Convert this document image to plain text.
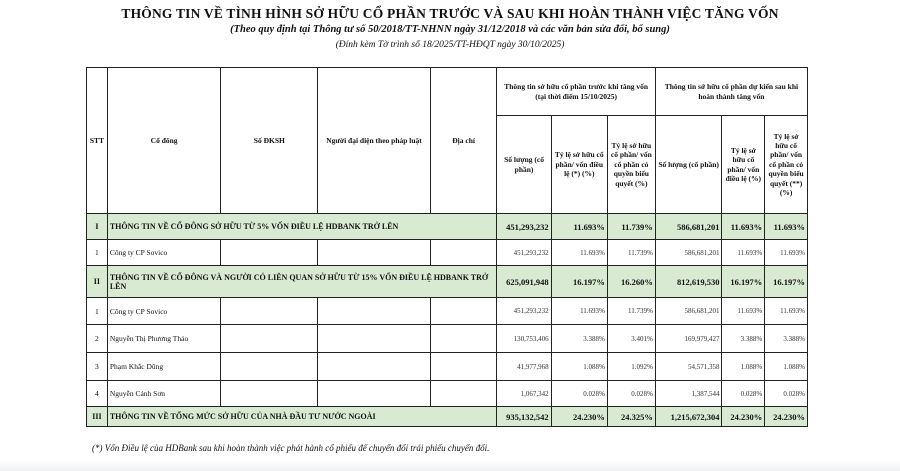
THÔNG TIN VỀ TÌNH HÌNH SỞ HỮU CỔ PHẦN TRƯỚC VÀ SAU KHI HOÀN THÀNH VIỆC TĂNG VỐN
(Theo quy định tại Thông tư số 50/2018/TT-NHNN ngày 31/12/2018 và các văn bản sửa đổi, bổ sung)
(Đính kèm Tờ trình số 18/2025/TT-HĐQT ngày 30/10/2025)
STT	Cổ đông	Số ĐKSH	Người đại diện theo pháp luật	Địa chỉ	Thông tin sở hữu cổ phần trước khi tăng vốn (tại thời điểm 15/10/2025)			Thông tin sở hữu cổ phần dự kiến sau khi hoàn thành tăng vốn		
					Số lượng (cổ phần)	Tỷ lệ sở hữu cổ phần/ vốn điều lệ (*) (%)	Tỷ lệ sở hữu cổ phần/ vốn cổ phần có quyền biểu quyết (%)	Số lượng (cổ phần)	Tỷ lệ sở hữu cổ phần/ vốn điều lệ (%)	Tỷ lệ sở hữu cổ phần/ vốn cổ phần có quyền biểu quyết (**) (%)
I	THÔNG TIN VỀ CỔ ĐÔNG SỞ HỮU TỪ 5% VỐN ĐIỀU LỆ HDBANK TRỞ LÊN				451,293,232	11.693%	11.739%	586,681,201	11.693%	11.693%
1	Công ty CP Sovico				451,293,232	11.693%	11.739%	586,681,201	11.693%	11.693%
II	THÔNG TIN VỀ CỔ ĐÔNG VÀ NGƯỜI CÓ LIÊN QUAN SỞ HỮU TỪ 15% VỐN ĐIỀU LỆ HDBANK TRỞ LÊN				625,091,948	16.197%	16.260%	812,619,530	16.197%	16.197%
1	Công ty CP Sovico				451,293,232	11.693%	11.739%	586,681,201	11.693%	11.693%
2	Nguyễn Thị Phương Thảo				130,753,406	3.388%	3.401%	169,979,427	3.388%	3.388%
3	Phạm Khắc Dũng				41,977,968	1.088%	1.092%	54,571,358	1.088%	1.088%
4	Nguyễn Cảnh Sơn				1,067,342	0.028%	0.028%	1,387,544	0.028%	0.028%
III	THÔNG TIN VỀ TỔNG MỨC SỞ HỮU CỦA NHÀ ĐẦU TƯ NƯỚC NGOÀI				935,132,542	24.230%	24.325%	1,215,672,304	24.230%	24.230%
(*) Vốn Điều lệ của HDBank sau khi hoàn thành việc phát hành cổ phiếu để chuyển đổi trái phiếu chuyển đổi.
